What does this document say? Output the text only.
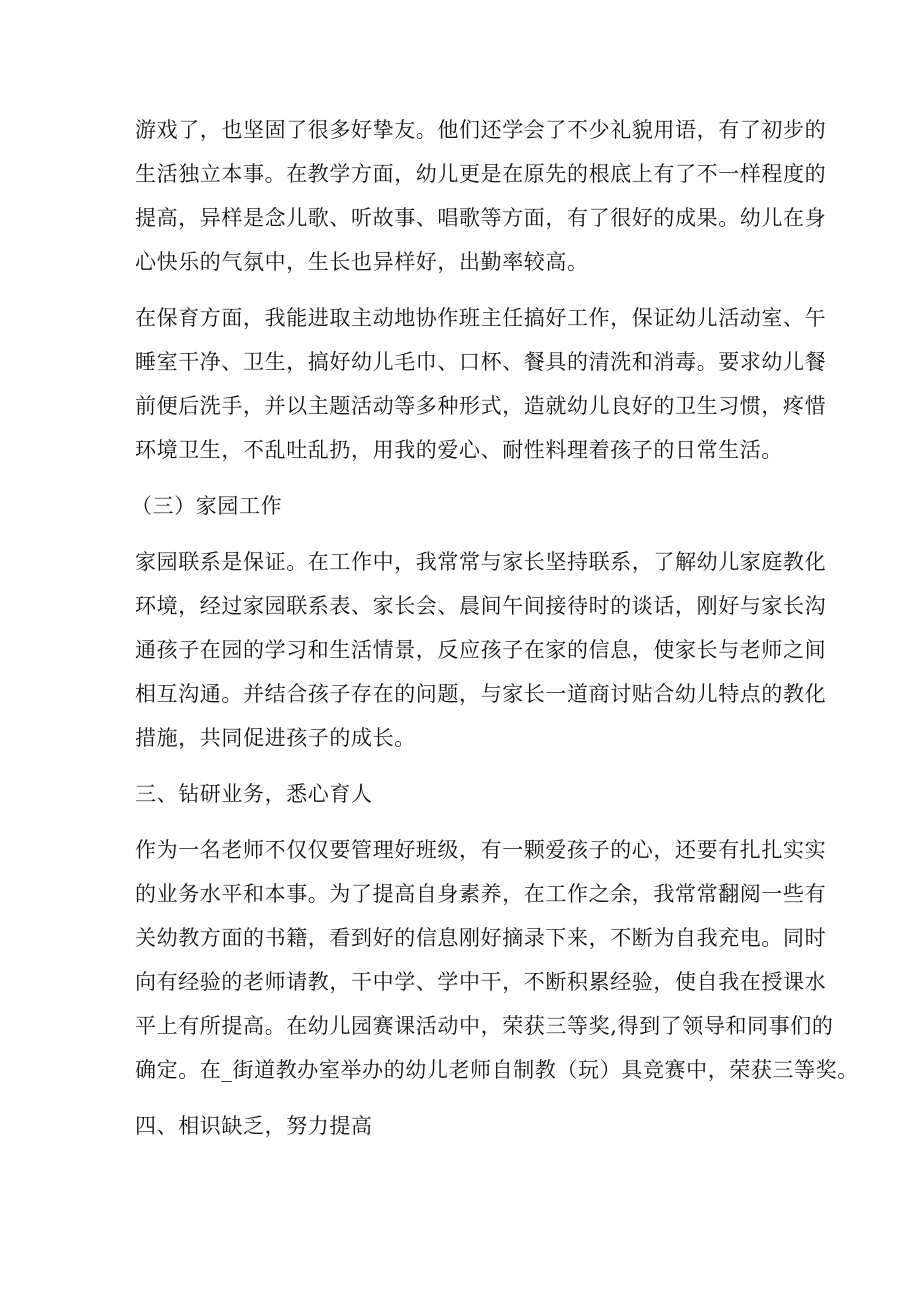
游戏了，也坚固了很多好挚友。他们还学会了不少礼貌用语，有了初步的
生活独立本事。在教学方面，幼儿更是在原先的根底上有了不一样程度的
提高，异样是念儿歌、听故事、唱歌等方面，有了很好的成果。幼儿在身
心快乐的气氛中，生长也异样好，出勤率较高。
在保育方面，我能进取主动地协作班主任搞好工作，保证幼儿活动室、午
睡室干净、卫生，搞好幼儿毛巾、口杯、餐具的清洗和消毒。要求幼儿餐
前便后洗手，并以主题活动等多种形式，造就幼儿良好的卫生习惯，疼惜
环境卫生，不乱吐乱扔，用我的爱心、耐性料理着孩子的日常生活。
（三）家园工作
家园联系是保证。在工作中，我常常与家长坚持联系，了解幼儿家庭教化
环境，经过家园联系表、家长会、晨间午间接待时的谈话，刚好与家长沟
通孩子在园的学习和生活情景，反应孩子在家的信息，使家长与老师之间
相互沟通。并结合孩子存在的问题，与家长一道商讨贴合幼儿特点的教化
措施，共同促进孩子的成长。
三、钻研业务，悉心育人
作为一名老师不仅仅要管理好班级，有一颗爱孩子的心，还要有扎扎实实
的业务水平和本事。为了提高自身素养，在工作之余，我常常翻阅一些有
关幼教方面的书籍，看到好的信息刚好摘录下来，不断为自我充电。同时
向有经验的老师请教，干中学、学中干，不断积累经验，使自我在授课水
平上有所提高。在幼儿园赛课活动中，荣获三等奖,得到了领导和同事们的
确定。在_街道教办室举办的幼儿老师自制教（玩）具竞赛中，荣获三等奖。
四、相识缺乏，努力提高
